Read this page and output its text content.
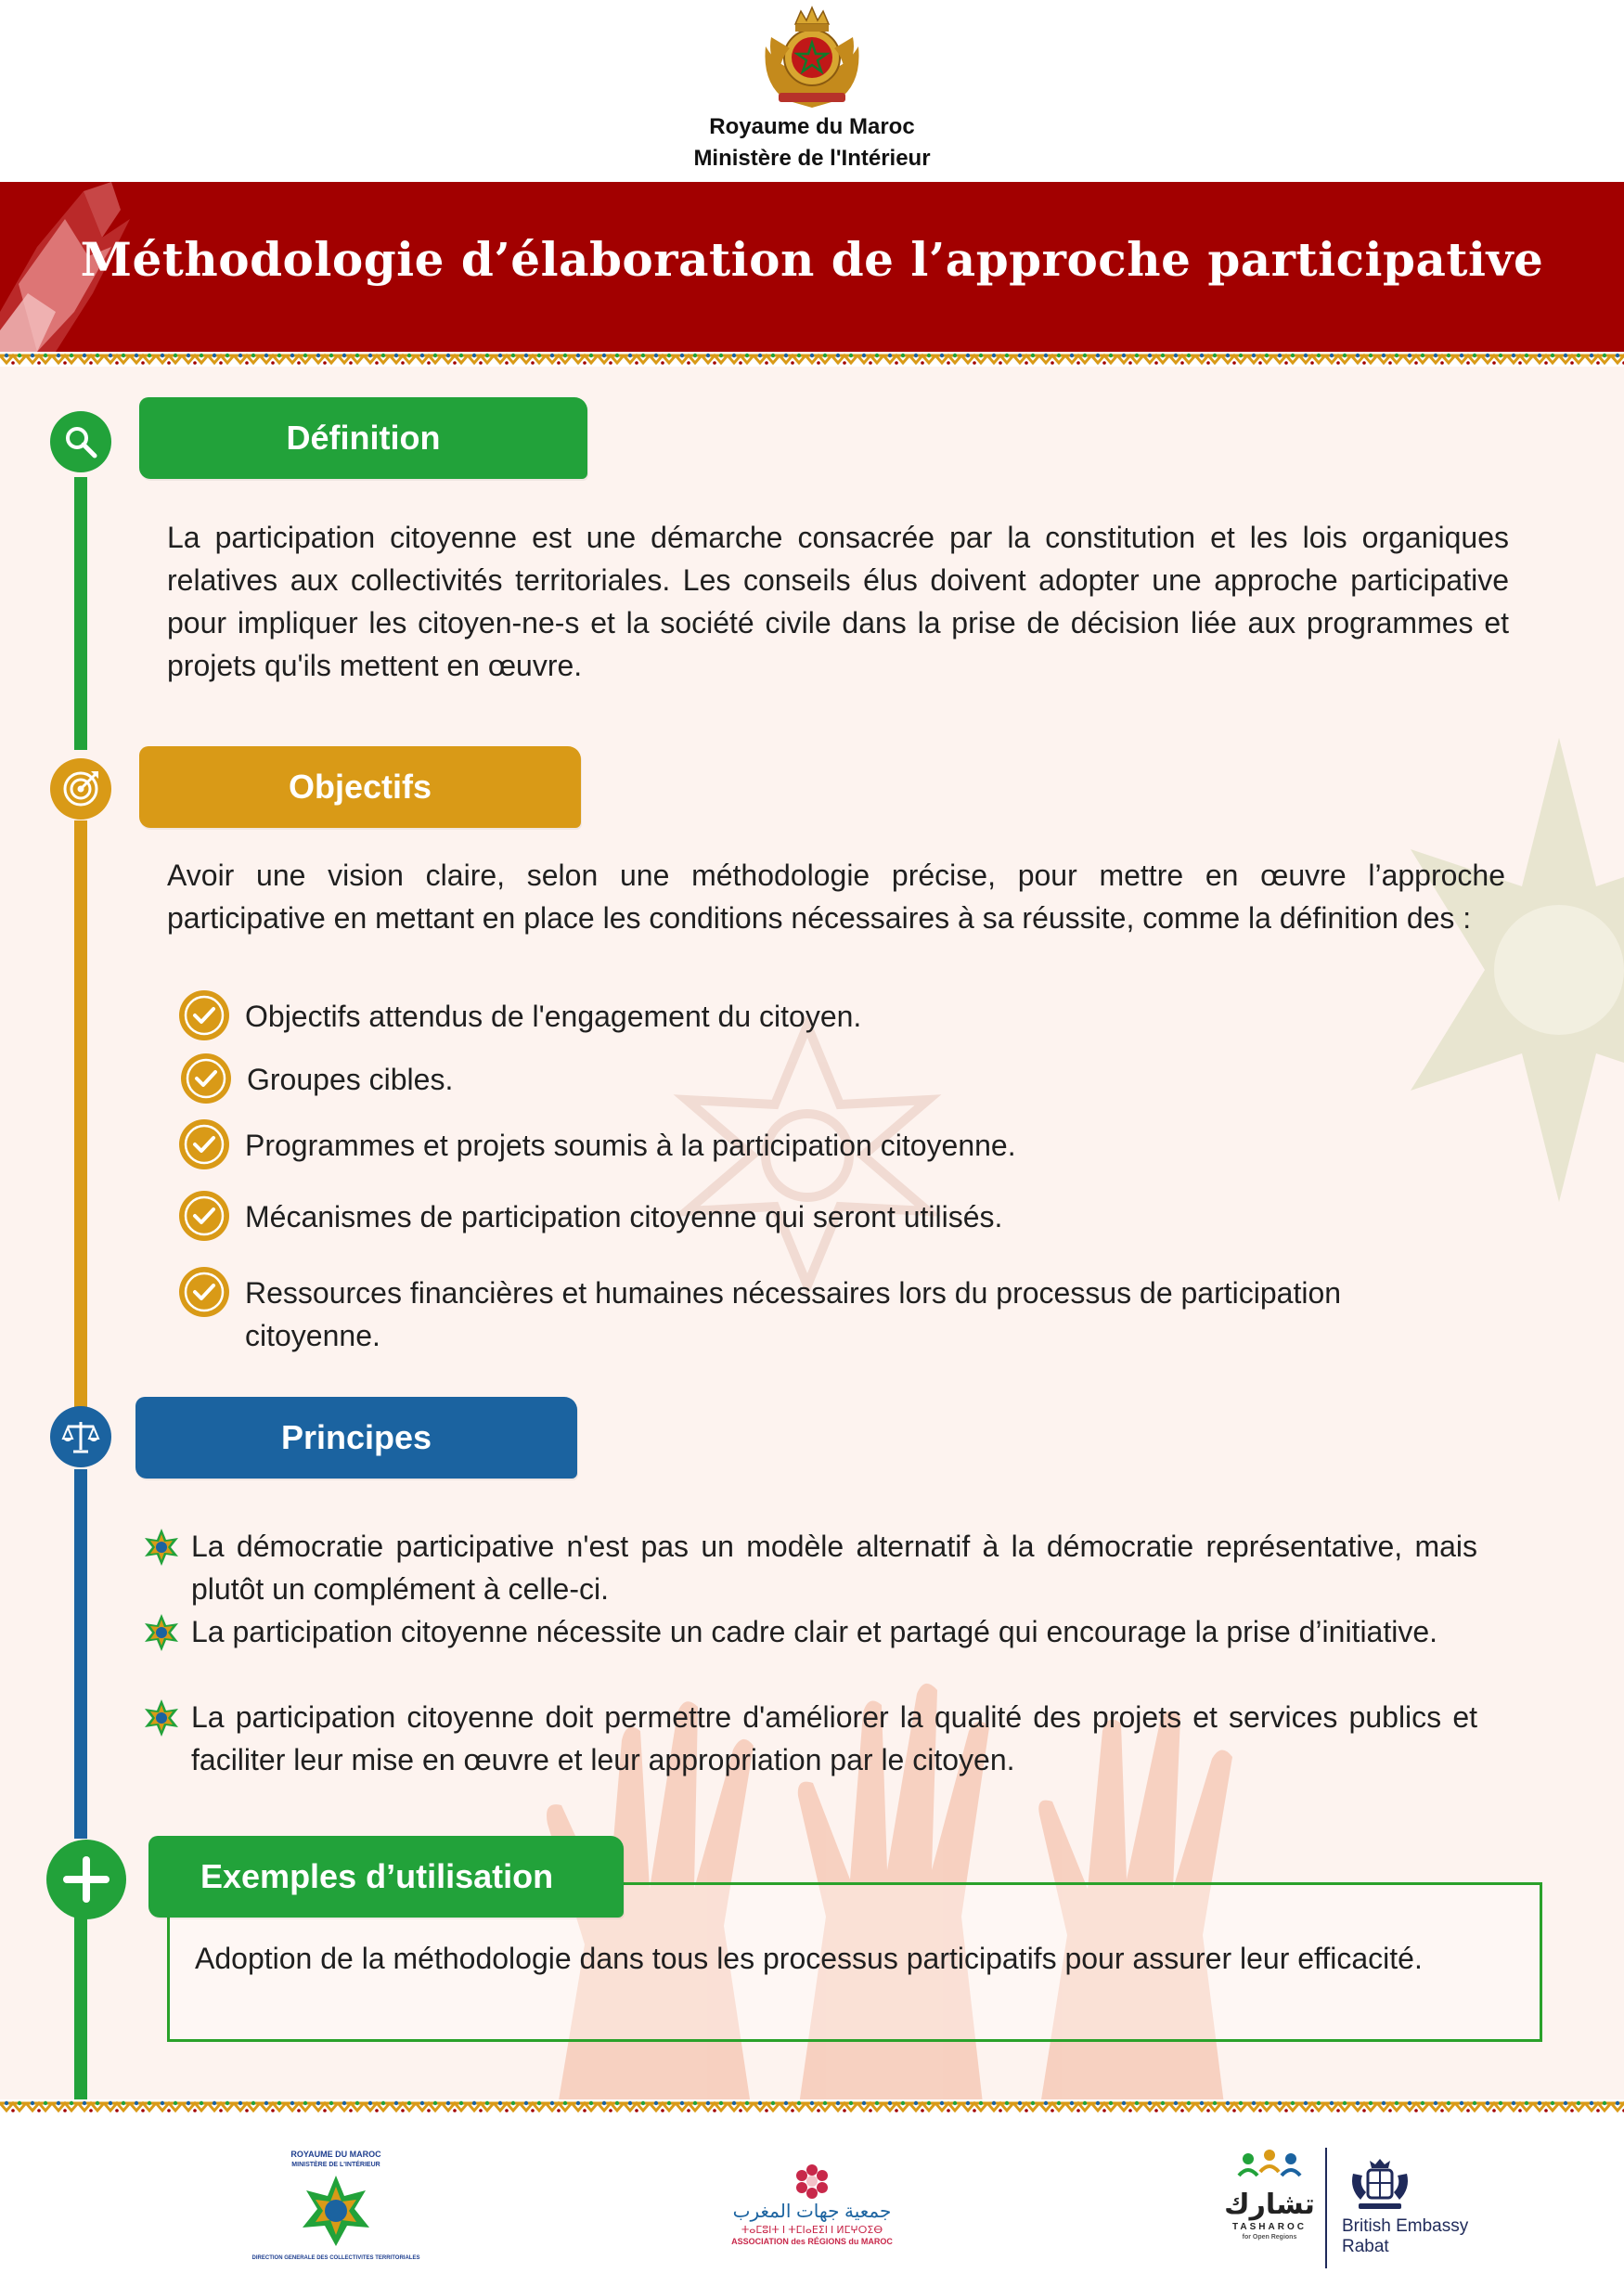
Royaume du Maroc
Ministère de l'Intérieur
Méthodologie d’élaboration de l’approche participative
Définition
La participation citoyenne est une démarche consacrée par la constitution et les lois organiques relatives aux collectivités territoriales. Les conseils élus doivent adopter une approche participative pour impliquer les citoyen-ne-s et la société civile dans la prise de décision liée aux programmes et projets qu'ils mettent en œuvre.
Objectifs
Avoir une vision claire, selon une méthodologie précise, pour mettre en œuvre l’approche participative en mettant en place les conditions nécessaires à sa réussite, comme la définition des :
Objectifs attendus de l'engagement du citoyen.
Groupes cibles.
Programmes et projets soumis à la participation citoyenne.
Mécanismes de participation citoyenne qui seront utilisés.
Ressources financières et humaines nécessaires lors du processus de participation citoyenne.
Principes
La démocratie participative n'est pas un modèle alternatif à la démocratie représentative, mais plutôt un complément à celle-ci.
La participation citoyenne nécessite un cadre clair et partagé qui encourage la prise d’initiative.
La participation citoyenne doit permettre d'améliorer la qualité des projets et services publics et faciliter leur mise en œuvre et leur appropriation par le citoyen.
Exemples d’utilisation
Adoption de la méthodologie dans tous les processus participatifs pour assurer leur efficacité.
ROYAUME DU MAROC
MINISTÈRE DE L'INTÉRIEUR
DIRECTION GENERALE DES COLLECTIVITES TERRITORIALES
جمعية جهات المغرب
ⵜⴰⵎⵓⵏⵜ ⵏ ⵜⵎⵏⴰⴹⵉⵏ ⵏ ⵍⵎⵖⵔⵉⴱ
ASSOCIATION des RÉGIONS du MAROC
تشارك
TASHAROC
for Open Regions
British Embassy
Rabat
